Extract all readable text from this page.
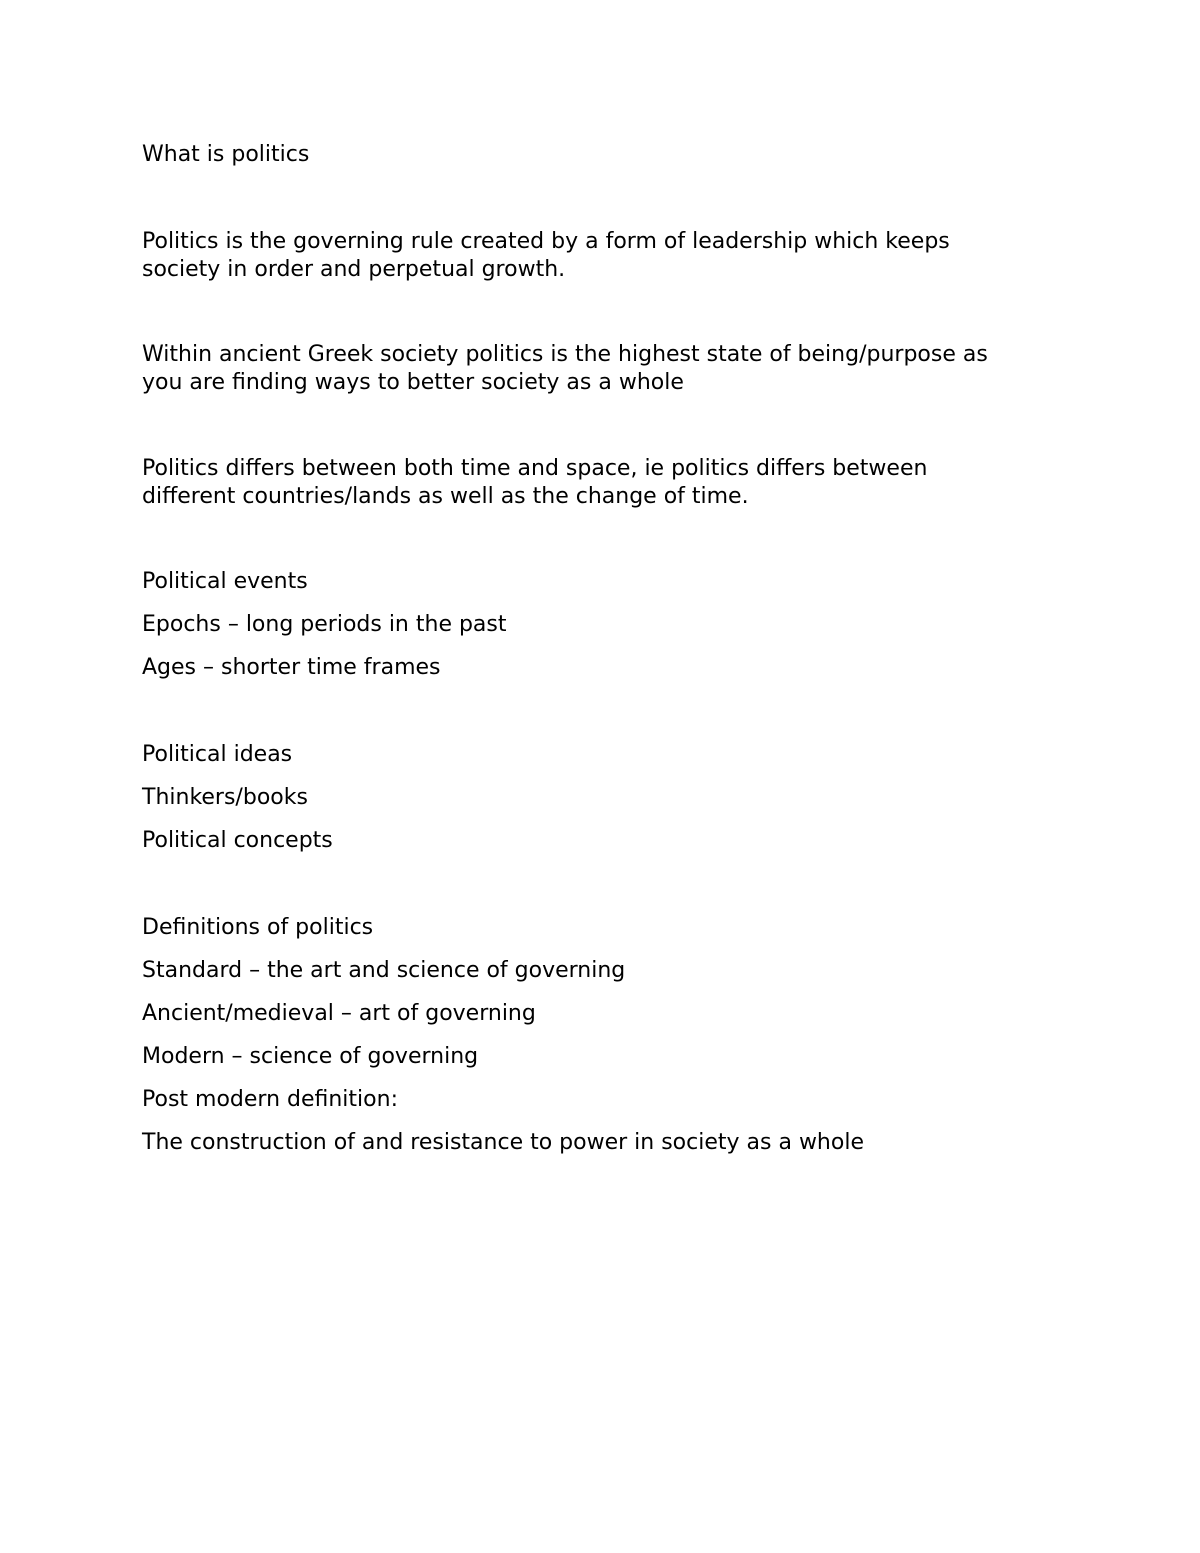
What is politics

Politics is the governing rule created by a form of leadership which keeps

society in order and perpetual growth.

Within ancient Greek society politics is the highest state of being/purpose as

you are finding ways to better society as a whole

Politics differs between both time and space, ie politics differs between

different countries/lands as well as the change of time.

Political events
Epochs – long periods in the past
Ages – shorter time frames
Political ideas
Thinkers/books
Political concepts
Definitions of politics
Standard – the art and science of governing
Ancient/medieval – art of governing
Modern – science of governing
Post modern definition:
The construction of and resistance to power in society as a whole
